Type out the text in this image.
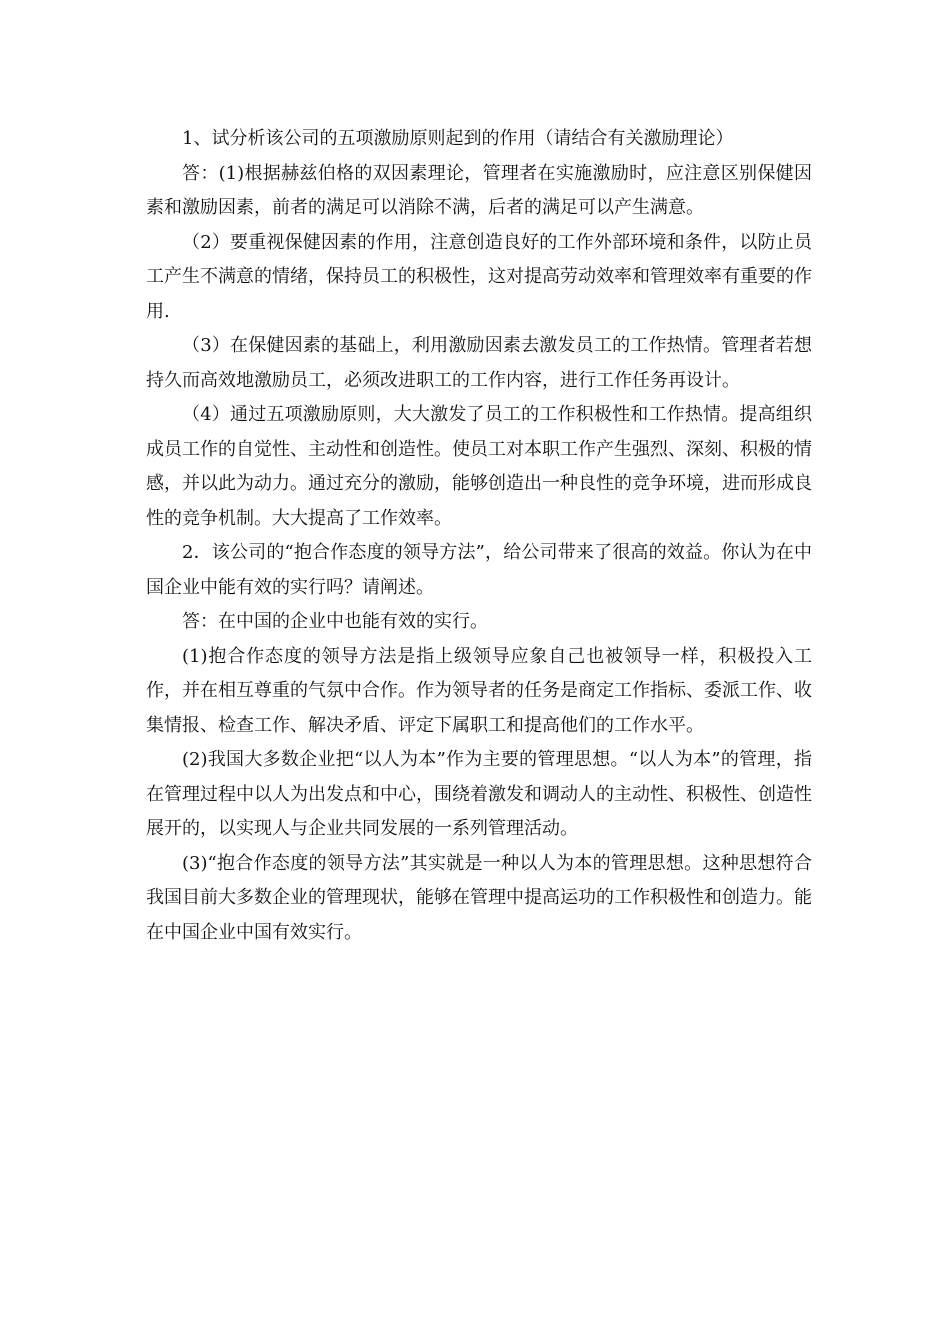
1、试分析该公司的五项激励原则起到的作用（请结合有关激励理论）

答：(1)根据赫兹伯格的双因素理论，管理者在实施激励时，应注意区别保健因素和激励因素，前者的满足可以消除不满，后者的满足可以产生满意。

（2）要重视保健因素的作用，注意创造良好的工作外部环境和条件，以防止员工产生不满意的情绪，保持员工的积极性，这对提高劳动效率和管理效率有重要的作用.

（3）在保健因素的基础上，利用激励因素去激发员工的工作热情。管理者若想持久而高效地激励员工，必须改进职工的工作内容，进行工作任务再设计。

（4）通过五项激励原则，大大激发了员工的工作积极性和工作热情。提高组织成员工作的自觉性、主动性和创造性。使员工对本职工作产生强烈、深刻、积极的情感，并以此为动力。通过充分的激励，能够创造出一种良性的竞争环境，进而形成良性的竞争机制。大大提高了工作效率。

2．该公司的“抱合作态度的领导方法”，给公司带来了很高的效益。你认为在中国企业中能有效的实行吗？请阐述。

答：在中国的企业中也能有效的实行。

(1)抱合作态度的领导方法是指上级领导应象自己也被领导一样，积极投入工作，并在相互尊重的气氛中合作。作为领导者的任务是商定工作指标、委派工作、收集情报、检查工作、解决矛盾、评定下属职工和提高他们的工作水平。

(2)我国大多数企业把“以人为本”作为主要的管理思想。“以人为本”的管理，指在管理过程中以人为出发点和中心，围绕着激发和调动人的主动性、积极性、创造性展开的，以实现人与企业共同发展的一系列管理活动。

(3)“抱合作态度的领导方法”其实就是一种以人为本的管理思想。这种思想符合我国目前大多数企业的管理现状，能够在管理中提高运功的工作积极性和创造力。能在中国企业中国有效实行。
